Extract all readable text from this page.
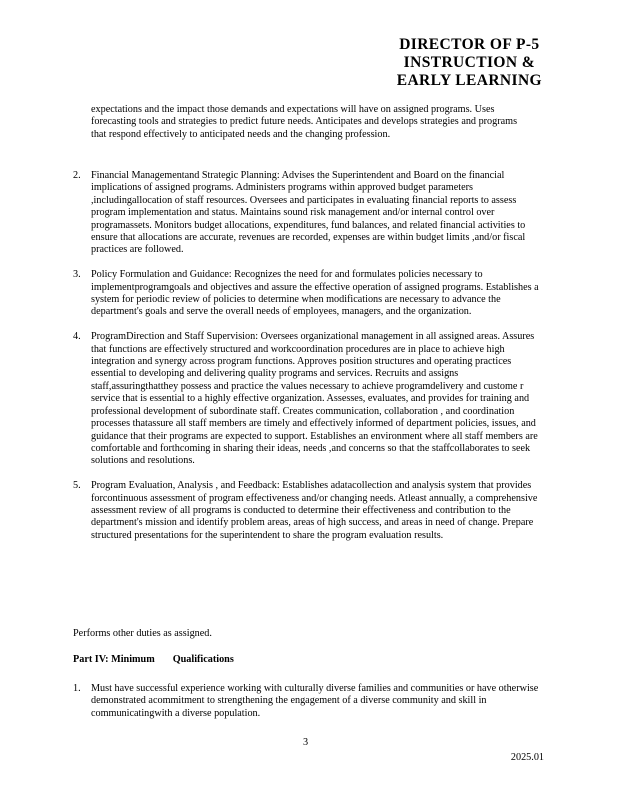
DIRECTOR OF P-5
INSTRUCTION &
EARLY LEARNING
expectations and the impact those demands and expectations will have on assigned programs. Uses forecasting tools and strategies to predict future needs. Anticipates and develops strategies and programs that respond effectively to anticipated needs and the changing profession.
2. Financial Managementand Strategic Planning: Advises the Superintendent and Board on the financial implications of assigned programs. Administers programs within approved budget parameters ,includingallocation of staff resources. Oversees and participates in evaluating financial reports to assess program implementation and status. Maintains sound risk management and/or internal control over programassets. Monitors budget allocations, expenditures, fund balances, and related financial activities to ensure that allocations are accurate, revenues are recorded, expenses are within budget limits ,and/or fiscal practices are followed.
3. Policy Formulation and Guidance: Recognizes the need for and formulates policies necessary to implementprogramgoals and objectives and assure the effective operation of assigned programs. Establishes a system for periodic review of policies to determine when modifications are necessary to advance the department's goals and serve the overall needs of employees, managers, and the organization.
4. ProgramDirection and Staff Supervision: Oversees organizational management in all assigned areas. Assures that functions are effectively structured and workcoordination procedures are in place to achieve high integration and synergy across program functions. Approves position structures and operating practices essential to developing and delivering quality programs and services. Recruits and assigns staff,assuringthatthey possess and practice the values necessary to achieve programdelivery and custome r service that is essential to a highly effective organization. Assesses, evaluates, and provides for training and professional development of subordinate staff. Creates communication, collaboration , and coordination processes thatassure all staff members are timely and effectively informed of department policies, issues, and guidance that their programs are expected to support. Establishes an environment where all staff members are comfortable and forthcoming in sharing their ideas, needs ,and concerns so that the staffcollaborates to seek solutions and resolutions.
5. Program Evaluation, Analysis , and Feedback: Establishes adatacollection and analysis system that provides forcontinuous assessment of program effectiveness and/or changing needs. Atleast annually, a comprehensive assessment review of all programs is conducted to determine their effectiveness and contribution to the department's mission and identify problem areas, areas of high success, and areas in need of change. Prepare structured presentations for the superintendent to share the program evaluation results.
Performs other duties as assigned.
Part IV: Minimum Qualifications
1. Must have successful experience working with culturally diverse families and communities or have otherwise demonstrated acommitment to strengthening the engagement of a diverse community and skill in communicatingwith a diverse population.
3
2025.01
